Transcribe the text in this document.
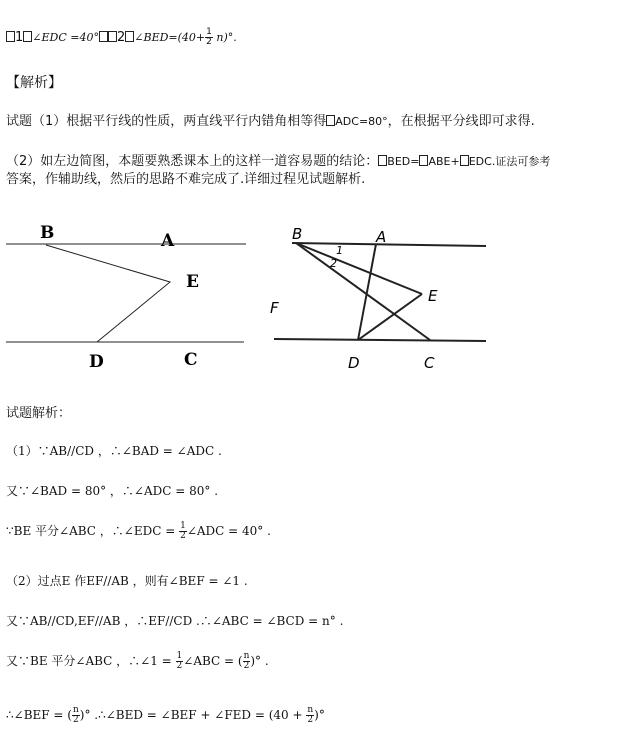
1 ∠EDC =40° 2 ∠BED=(40+ $\frac{1}{2} n)^\circ$.
【解析】
试题（1）根据平行线的性质，两直线平行内错角相等得 ADC=80°，在根据平分线即可求得.
（2）如左边简图，本题要熟悉课本上的这样一道容易题的结论： BED= ABE+ EDC.证法可参考
答案，作辅助线，然后的思路不难完成了.详细过程见试题解析.
B	A
E
D	C
B	A
E
F
D	C
1
2
试题解析：
（1）∵AB//CD ，∴∠BAD = ∠ADC .
又∵∠BAD = 80° ，∴∠ADC = 80° .
∵BE 平分∠ABC ，∴∠EDC = $\frac{1}{2}$ ∠ADC = 40° .
（2）过点E 作EF//AB ，则有∠BEF = ∠1 .
又∵AB//CD,EF//AB ，∴EF//CD .∴∠ABC = ∠BCD = n° .
又∵BE 平分∠ABC ，∴∠1 = $\frac{1}{2}$ ∠ABC = ( $\frac{n}{2}$ )° .
∴∠BEF = ( $\frac{n}{2}$ )° .∴∠BED = ∠BEF + ∠FED = ($40 + \frac{n}{2}$ )°
